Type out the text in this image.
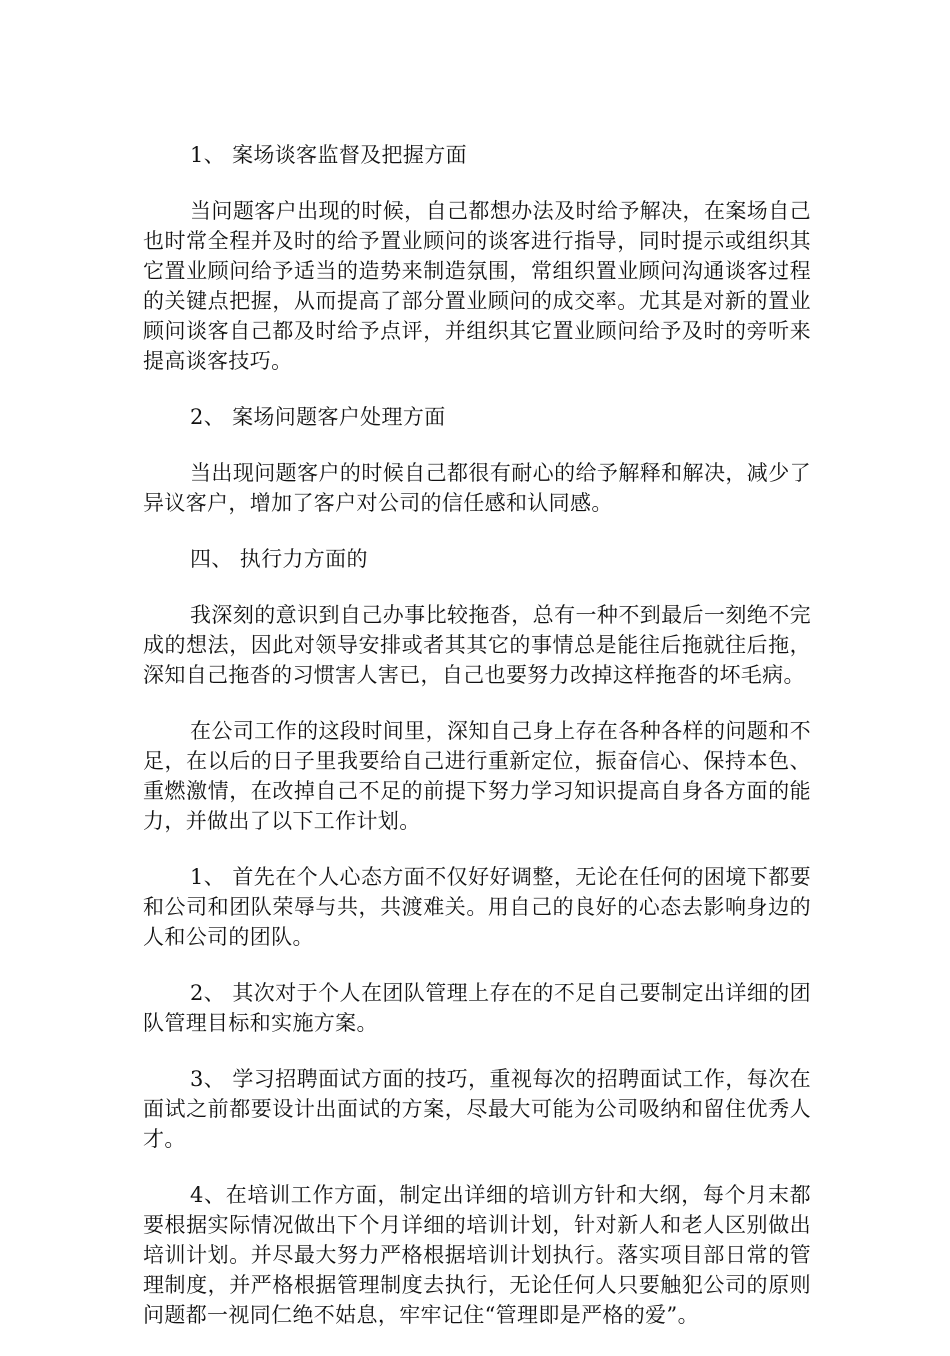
1、 案场谈客监督及把握方面

当问题客户出现的时候，自己都想办法及时给予解决，在案场自己也时常全程并及时的给予置业顾问的谈客进行指导，同时提示或组织其它置业顾问给予适当的造势来制造氛围，常组织置业顾问沟通谈客过程的关键点把握，从而提高了部分置业顾问的成交率。尤其是对新的置业顾问谈客自己都及时给予点评，并组织其它置业顾问给予及时的旁听来提高谈客技巧。

2、 案场问题客户处理方面

当出现问题客户的时候自己都很有耐心的给予解释和解决，减少了异议客户，增加了客户对公司的信任感和认同感。

四、 执行力方面的

我深刻的意识到自己办事比较拖沓，总有一种不到最后一刻绝不完成的想法，因此对领导安排或者其其它的事情总是能往后拖就往后拖，深知自己拖沓的习惯害人害已，自己也要努力改掉这样拖沓的坏毛病。

在公司工作的这段时间里，深知自己身上存在各种各样的问题和不足，在以后的日子里我要给自己进行重新定位，振奋信心、保持本色、重燃激情，在改掉自己不足的前提下努力学习知识提高自身各方面的能力，并做出了以下工作计划。

1、 首先在个人心态方面不仅好好调整，无论在任何的困境下都要和公司和团队荣辱与共，共渡难关。用自己的良好的心态去影响身边的人和公司的团队。

2、 其次对于个人在团队管理上存在的不足自己要制定出详细的团队管理目标和实施方案。

3、 学习招聘面试方面的技巧，重视每次的招聘面试工作，每次在面试之前都要设计出面试的方案，尽最大可能为公司吸纳和留住优秀人才。

4、在培训工作方面，制定出详细的培训方针和大纲，每个月末都要根据实际情况做出下个月详细的培训计划，针对新人和老人区别做出培训计划。并尽最大努力严格根据培训计划执行。落实项目部日常的管理制度，并严格根据管理制度去执行，无论任何人只要触犯公司的原则问题都一视同仁绝不姑息，牢牢记住“管理即是严格的爱”。
